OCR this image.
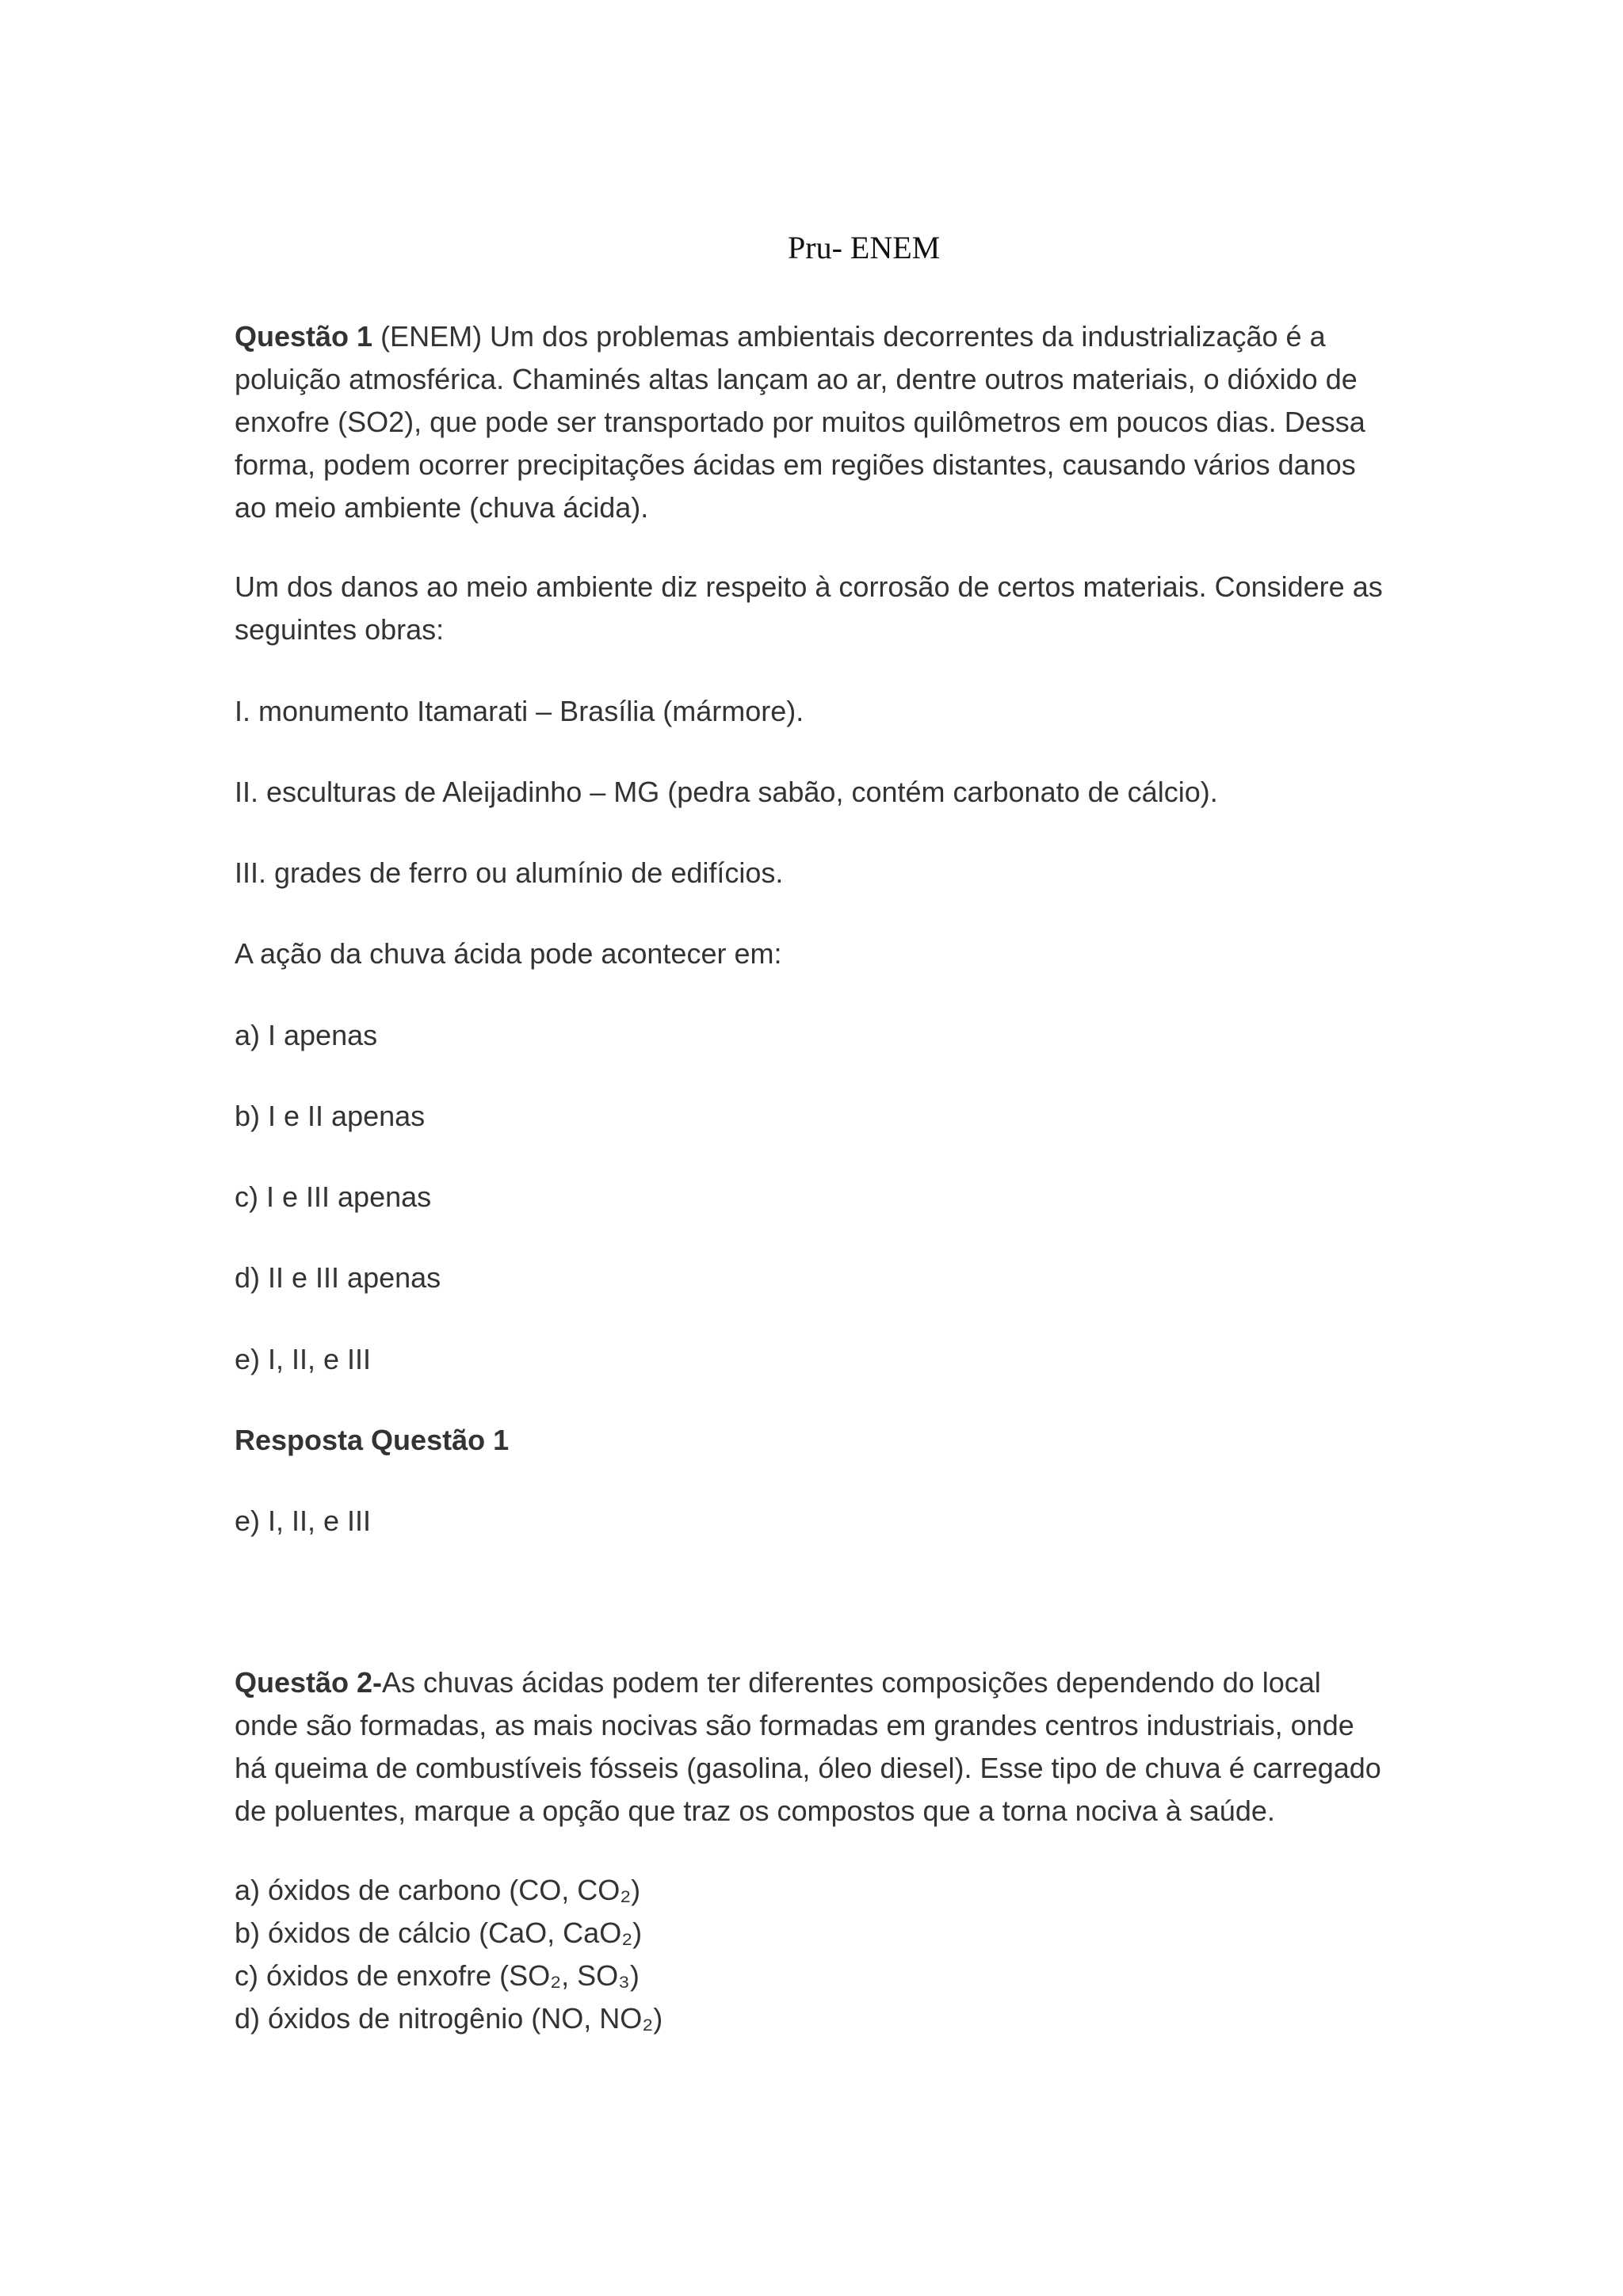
Pru- ENEM
Questão 1 (ENEM) Um dos problemas ambientais decorrentes da industrialização é a
poluição atmosférica. Chaminés altas lançam ao ar, dentre outros materiais, o dióxido de
enxofre (SO2), que pode ser transportado por muitos quilômetros em poucos dias. Dessa
forma, podem ocorrer precipitações ácidas em regiões distantes, causando vários danos
ao meio ambiente (chuva ácida).
Um dos danos ao meio ambiente diz respeito à corrosão de certos materiais. Considere as
seguintes obras:
I. monumento Itamarati – Brasília (mármore).
II. esculturas de Aleijadinho – MG (pedra sabão, contém carbonato de cálcio).
III. grades de ferro ou alumínio de edifícios.
A ação da chuva ácida pode acontecer em:
a) I apenas
b) I e II apenas
c) I e III apenas
d) II e III apenas
e) I, II, e III
Resposta Questão 1
e) I, II, e III
Questão 2-As chuvas ácidas podem ter diferentes composições dependendo do local
onde são formadas, as mais nocivas são formadas em grandes centros industriais, onde
há queima de combustíveis fósseis (gasolina, óleo diesel). Esse tipo de chuva é carregado
de poluentes, marque a opção que traz os compostos que a torna nociva à saúde.
a) óxidos de carbono (CO, CO₂)
b) óxidos de cálcio (CaO, CaO₂)
c) óxidos de enxofre (SO₂, SO₃)
d) óxidos de nitrogênio (NO, NO₂)
